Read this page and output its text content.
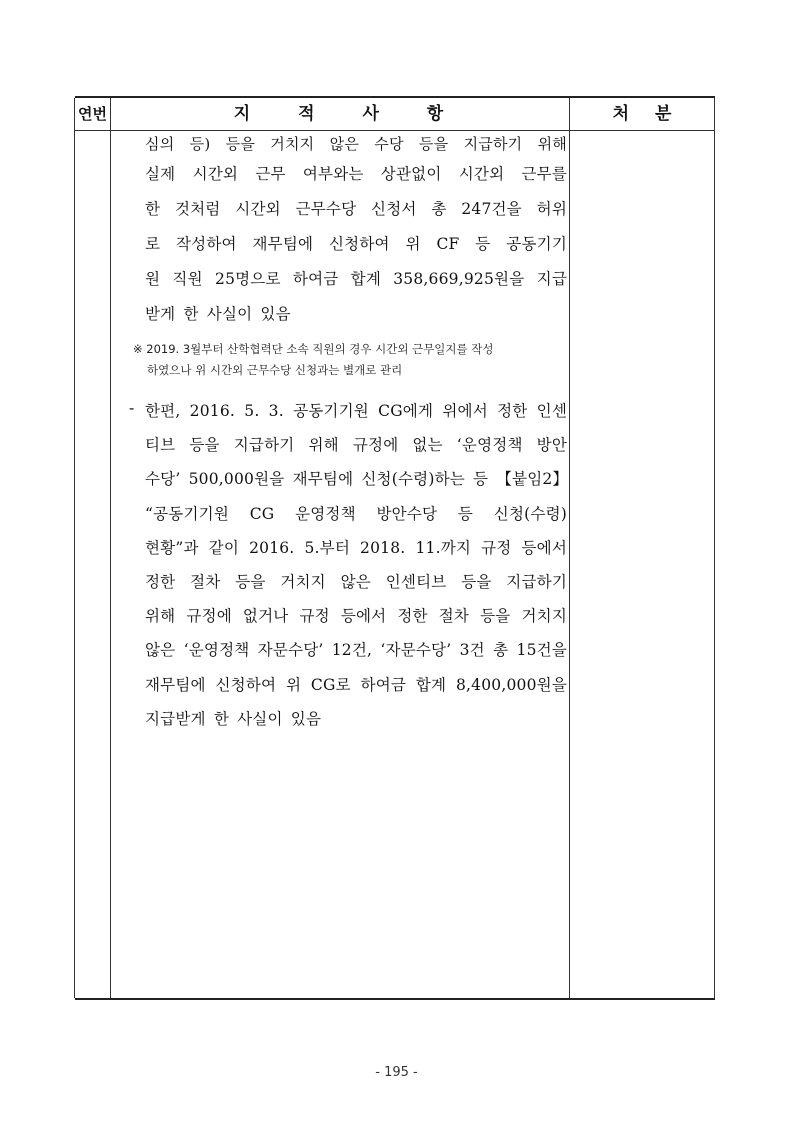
연번	지 적 사 항	처 분
심의 등) 등을 거치지 않은 수당 등을 지급하기 위해
실제 시간외 근무 여부와는 상관없이 시간외 근무를
한 것처럼 시간외 근무수당 신청서 총 247건을 허위
로 작성하여 재무팀에 신청하여 위 CF 등 공동기기
원 직원 25명으로 하여금 합계 358,669,925원을 지급
받게 한 사실이 있음
※ 2019. 3월부터 산학협력단 소속 직원의 경우 시간외 근무일지를 작성
하였으나 위 시간외 근무수당 신청과는 별개로 관리
- 한편, 2016. 5. 3. 공동기기원 CG에게 위에서 정한 인센
티브 등을 지급하기 위해 규정에 없는 ‘운영정책 방안
수당’ 500,000원을 재무팀에 신청(수령)하는 등 【붙임2】
“공동기기원 CG 운영정책 방안수당 등 신청(수령)
현황”과 같이 2016. 5.부터 2018. 11.까지 규정 등에서
정한 절차 등을 거치지 않은 인센티브 등을 지급하기
위해 규정에 없거나 규정 등에서 정한 절차 등을 거치지
않은 ‘운영정책 자문수당’ 12건, ‘자문수당’ 3건 총 15건을
재무팀에 신청하여 위 CG로 하여금 합계 8,400,000원을
지급받게 한 사실이 있음
- 195 -
